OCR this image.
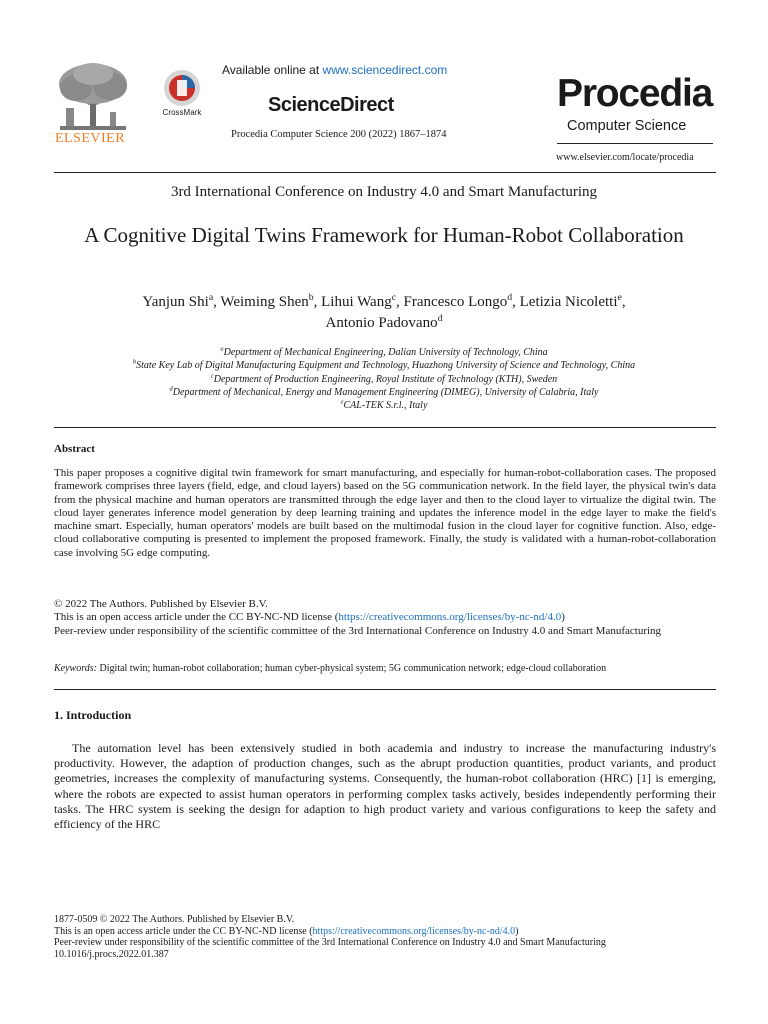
ELSEVIER
CrossMark
Available online at www.sciencedirect.com
ScienceDirect
Procedia Computer Science 200 (2022) 1867–1874
Procedia
Computer Science
www.elsevier.com/locate/procedia
3rd International Conference on Industry 4.0 and Smart Manufacturing
A Cognitive Digital Twins Framework for Human-Robot Collaboration
Yanjun Shi$^a$, Weiming Shen$^b$, Lihui Wang$^c$, Francesco Longo$^d$, Letizia Nicoletti$^e$,
Antonio Padovano$^d$
$^a$Department of Mechanical Engineering, Dalian University of Technology, China
$^b$State Key Lab of Digital Manufacturing Equipment and Technology, Huazhong University of Science and Technology, China
$^c$Department of Production Engineering, Royal Institute of Technology (KTH), Sweden
$^d$Department of Mechanical, Energy and Management Engineering (DIMEG), University of Calabria, Italy
$^e$CAL-TEK S.r.l., Italy
Abstract
This paper proposes a cognitive digital twin framework for smart manufacturing, and especially for human-robot-collaboration cases. The proposed framework comprises three layers (field, edge, and cloud layers) based on the 5G communication network. In the field layer, the physical twin's data from the physical machine and human operators are transmitted through the edge layer and then to the cloud layer to virtualize the digital twin. The cloud layer generates inference model generation by deep learning training and updates the inference model in the edge layer to make the field's machine smart. Especially, human operators' models are built based on the multimodal fusion in the cloud layer for cognitive function. Also, edge-cloud collaborative computing is presented to implement the proposed framework. Finally, the study is validated with a human-robot-collaboration case involving 5G edge computing.
© 2022 The Authors. Published by Elsevier B.V.
This is an open access article under the CC BY-NC-ND license (https://creativecommons.org/licenses/by-nc-nd/4.0)
Peer-review under responsibility of the scientific committee of the 3rd International Conference on Industry 4.0 and Smart Manufacturing
Keywords: Digital twin; human-robot collaboration; human cyber-physical system; 5G communication network; edge-cloud collaboration
1. Introduction
The automation level has been extensively studied in both academia and industry to increase the manufacturing industry's productivity. However, the adaption of production changes, such as the abrupt production quantities, product variants, and product geometries, increases the complexity of manufacturing systems. Consequently, the human-robot collaboration (HRC) [1] is emerging, where the robots are expected to assist human operators in performing complex tasks actively, besides independently performing their tasks. The HRC system is seeking the design for adaption to high product variety and various configurations to keep the safety and efficiency of the HRC
1877-0509 © 2022 The Authors. Published by Elsevier B.V.
This is an open access article under the CC BY-NC-ND license (https://creativecommons.org/licenses/by-nc-nd/4.0)
Peer-review under responsibility of the scientific committee of the 3rd International Conference on Industry 4.0 and Smart Manufacturing
10.1016/j.procs.2022.01.387
